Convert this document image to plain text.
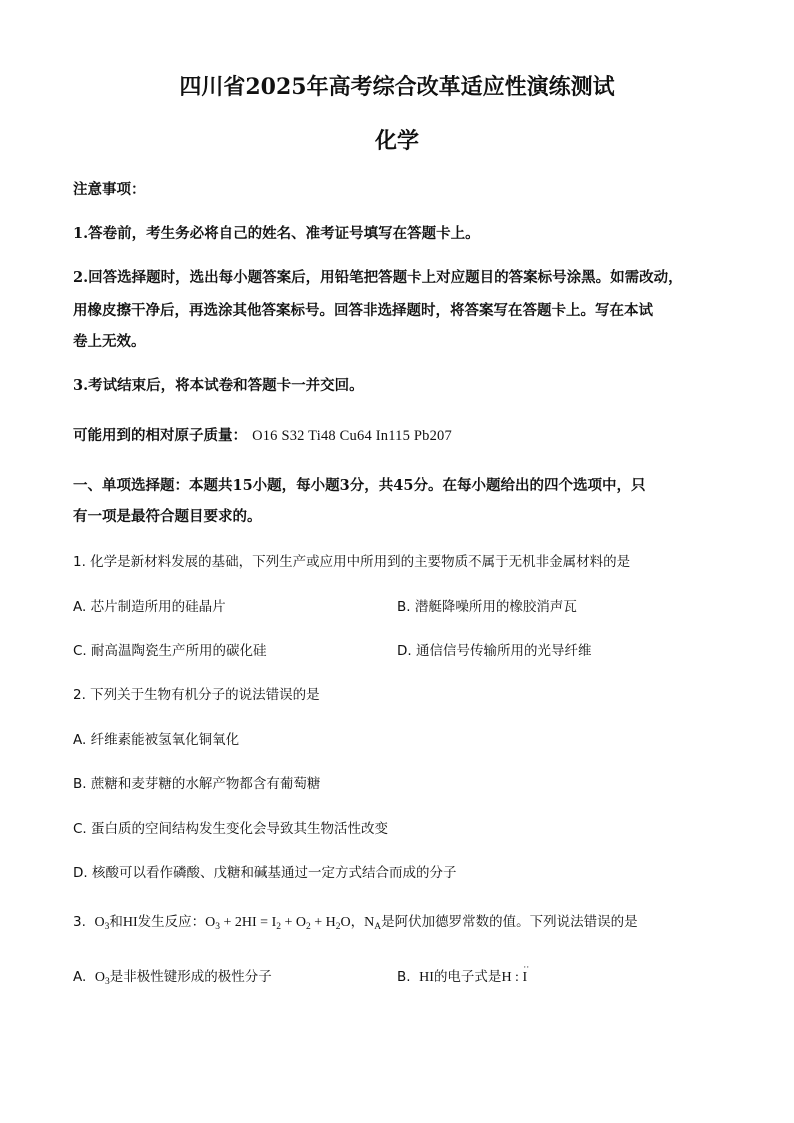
四川省2025年高考综合改革适应性演练测试
化学
注意事项：
1.答卷前，考生务必将自己的姓名、准考证号填写在答题卡上。
2.回答选择题时，选出每小题答案后，用铅笔把答题卡上对应题目的答案标号涂黑。如需改动，
用橡皮擦干净后，再选涂其他答案标号。回答非选择题时，将答案写在答题卡上。写在本试
卷上无效。
3.考试结束后，将本试卷和答题卡一并交回。
可能用到的相对原子质量： O16 S32 Ti48 Cu64 In115 Pb207
一、单项选择题：本题共15小题，每小题3分，共45分。在每小题给出的四个选项中，只
有一项是最符合题目要求的。
1. 化学是新材料发展的基础，下列生产或应用中所用到的主要物质不属于无机非金属材料的是
A. 芯片制造所用的硅晶片	B. 潜艇降噪所用的橡胶消声瓦
C. 耐高温陶瓷生产所用的碳化硅	D. 通信信号传输所用的光导纤维
2. 下列关于生物有机分子的说法错误的是
A. 纤维素能被氢氧化铜氧化
B. 蔗糖和麦芽糖的水解产物都含有葡萄糖
C. 蛋白质的空间结构发生变化会导致其生物活性改变
D. 核酸可以看作磷酸、戊糖和碱基通过一定方式结合而成的分子
3. $O_3$和HI发生反应：$O_3 + 2HI = I_2 + O_2 + H_2O$，$N_A$是阿伏加德罗常数的值。下列说法错误的是
A. $O_3$是非极性键形成的极性分子	B. HI的电子式是H : I
··
